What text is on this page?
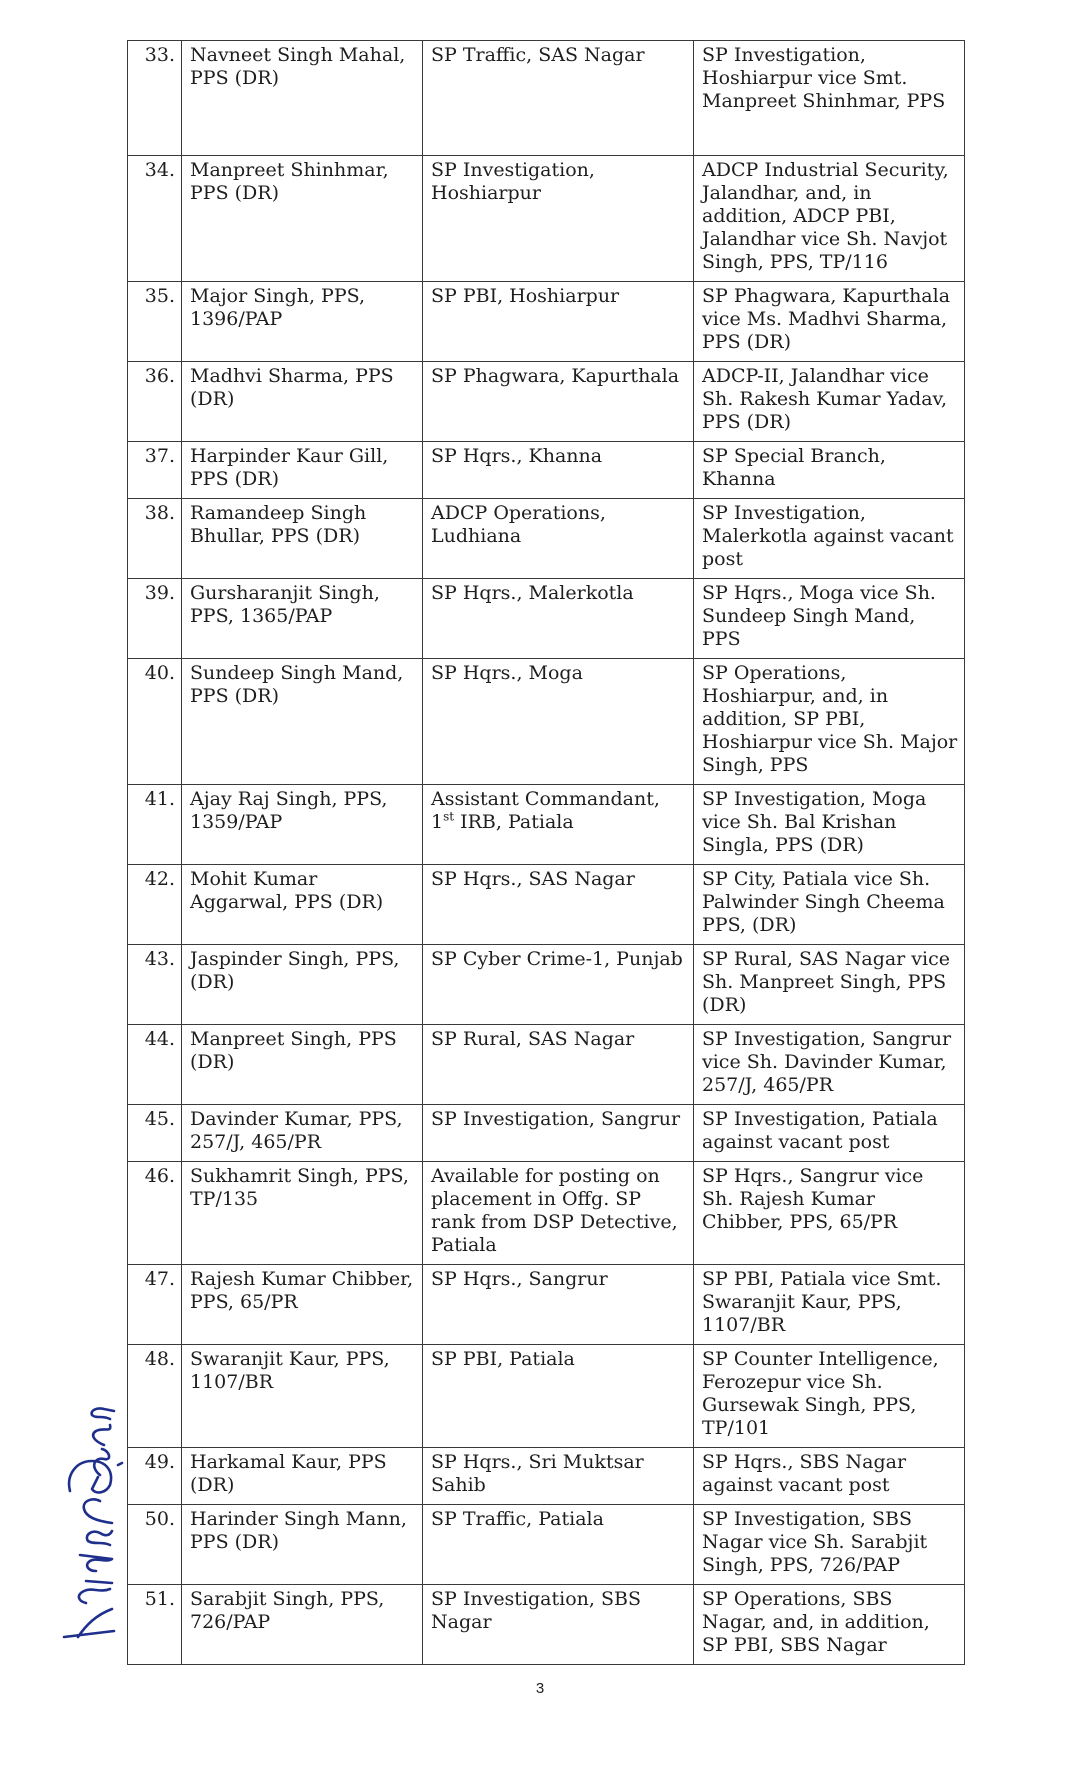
33.	Navneet Singh Mahal, PPS (DR)	SP Traffic, SAS Nagar	SP Investigation, Hoshiarpur vice Smt. Manpreet Shinhmar, PPS
34.	Manpreet Shinhmar, PPS (DR)	SP Investigation, Hoshiarpur	ADCP Industrial Security, Jalandhar, and, in addition, ADCP PBI, Jalandhar vice Sh. Navjot Singh, PPS, TP/116
35.	Major Singh, PPS, 1396/PAP	SP PBI, Hoshiarpur	SP Phagwara, Kapurthala vice Ms. Madhvi Sharma, PPS (DR)
36.	Madhvi Sharma, PPS (DR)	SP Phagwara, Kapurthala	ADCP-II, Jalandhar vice Sh. Rakesh Kumar Yadav, PPS (DR)
37.	Harpinder Kaur Gill, PPS (DR)	SP Hqrs., Khanna	SP Special Branch, Khanna
38.	Ramandeep Singh Bhullar, PPS (DR)	ADCP Operations, Ludhiana	SP Investigation, Malerkotla against vacant post
39.	Gursharanjit Singh, PPS, 1365/PAP	SP Hqrs., Malerkotla	SP Hqrs., Moga vice Sh. Sundeep Singh Mand, PPS
40.	Sundeep Singh Mand, PPS (DR)	SP Hqrs., Moga	SP Operations, Hoshiarpur, and, in addition, SP PBI, Hoshiarpur vice Sh. Major Singh, PPS
41.	Ajay Raj Singh, PPS, 1359/PAP	Assistant Commandant, 1st IRB, Patiala	SP Investigation, Moga vice Sh. Bal Krishan Singla, PPS (DR)
42.	Mohit Kumar Aggarwal, PPS (DR)	SP Hqrs., SAS Nagar	SP City, Patiala vice Sh. Palwinder Singh Cheema PPS, (DR)
43.	Jaspinder Singh, PPS, (DR)	SP Cyber Crime-1, Punjab	SP Rural, SAS Nagar vice Sh. Manpreet Singh, PPS (DR)
44.	Manpreet Singh, PPS (DR)	SP Rural, SAS Nagar	SP Investigation, Sangrur vice Sh. Davinder Kumar, 257/J, 465/PR
45.	Davinder Kumar, PPS, 257/J, 465/PR	SP Investigation, Sangrur	SP Investigation, Patiala against vacant post
46.	Sukhamrit Singh, PPS, TP/135	Available for posting on placement in Offg. SP rank from DSP Detective, Patiala	SP Hqrs., Sangrur vice Sh. Rajesh Kumar Chibber, PPS, 65/PR
47.	Rajesh Kumar Chibber, PPS, 65/PR	SP Hqrs., Sangrur	SP PBI, Patiala vice Smt. Swaranjit Kaur, PPS, 1107/BR
48.	Swaranjit Kaur, PPS, 1107/BR	SP PBI, Patiala	SP Counter Intelligence, Ferozepur vice Sh. Gursewak Singh, PPS, TP/101
49.	Harkamal Kaur, PPS (DR)	SP Hqrs., Sri Muktsar Sahib	SP Hqrs., SBS Nagar against vacant post
50.	Harinder Singh Mann, PPS (DR)	SP Traffic, Patiala	SP Investigation, SBS Nagar vice Sh. Sarabjit Singh, PPS, 726/PAP
51.	Sarabjit Singh, PPS, 726/PAP	SP Investigation, SBS Nagar	SP Operations, SBS Nagar, and, in addition, SP PBI, SBS Nagar
3
